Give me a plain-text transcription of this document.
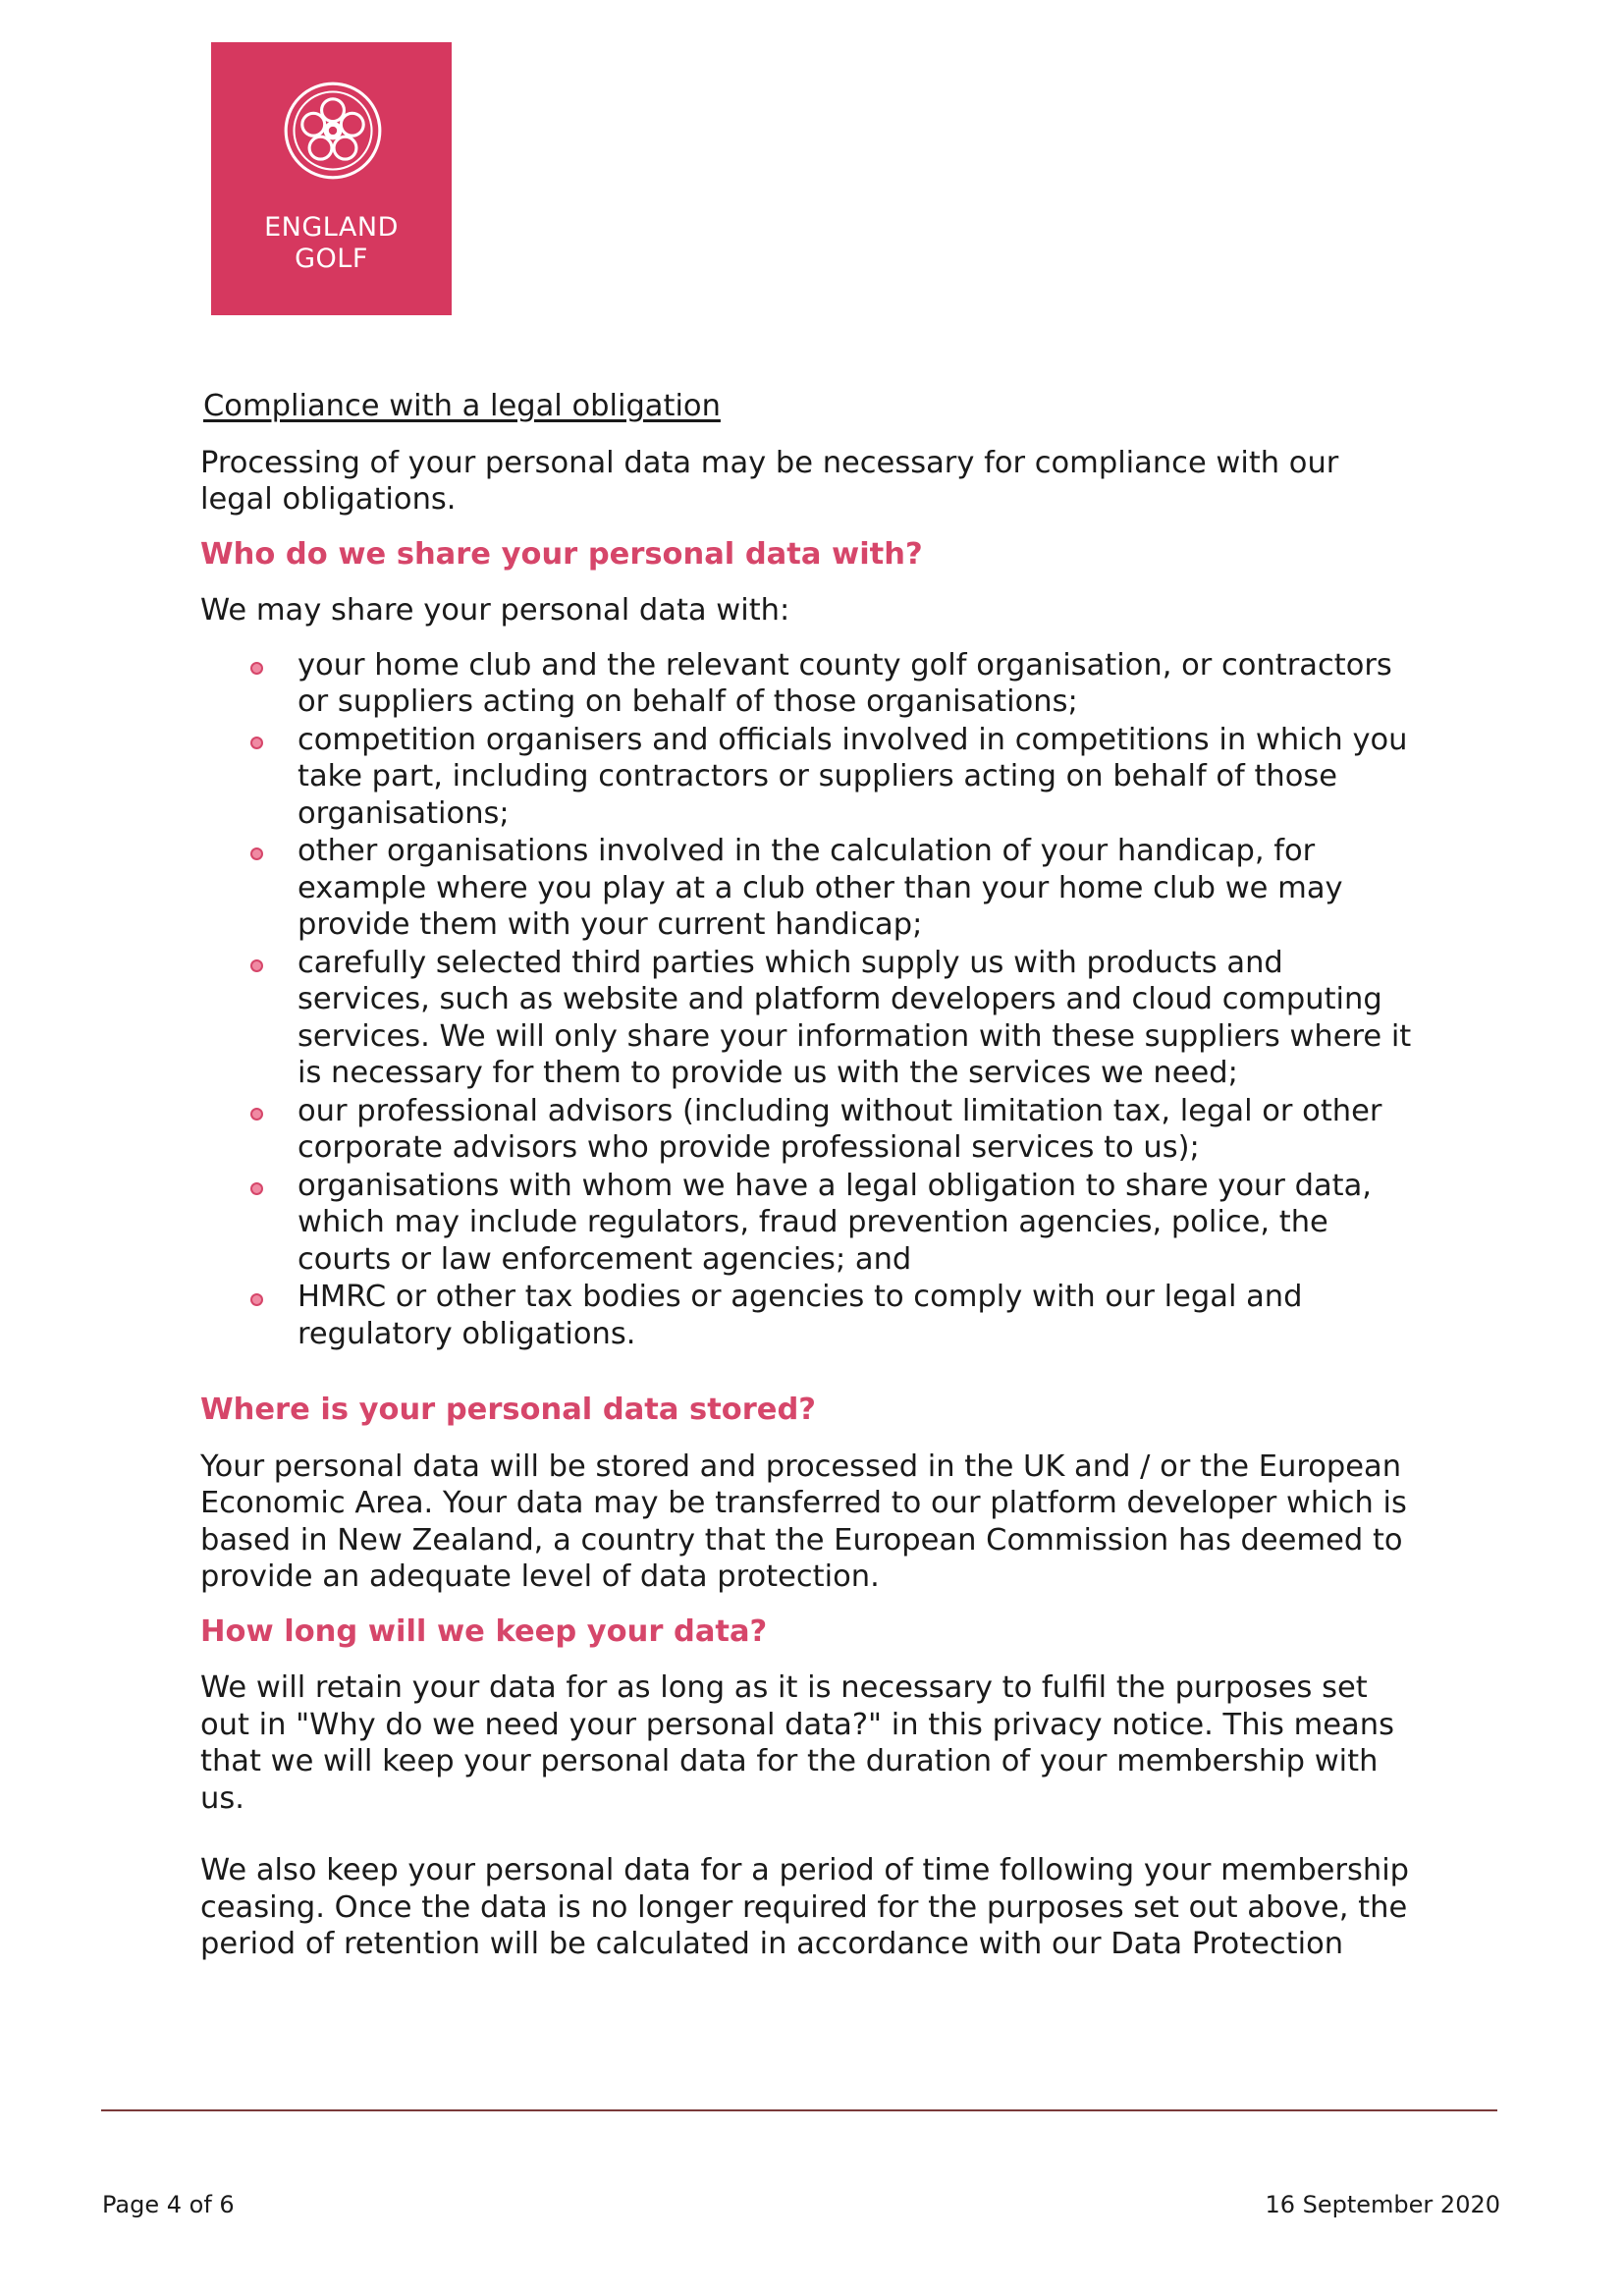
ENGLAND
GOLF
Compliance with a legal obligation

Processing of your personal data may be necessary for compliance with our legal obligations.

Who do we share your personal data with?

We may share your personal data with:

your home club and the relevant county golf organisation, or contractors or suppliers acting on behalf of those organisations;
competition organisers and officials involved in competitions in which you take part, including contractors or suppliers acting on behalf of those organisations;
other organisations involved in the calculation of your handicap, for example where you play at a club other than your home club we may provide them with your current handicap;
carefully selected third parties which supply us with products and services, such as website and platform developers and cloud computing services. We will only share your information with these suppliers where it is necessary for them to provide us with the services we need;
our professional advisors (including without limitation tax, legal or other corporate advisors who provide professional services to us);
organisations with whom we have a legal obligation to share your data, which may include regulators, fraud prevention agencies, police, the courts or law enforcement agencies; and
HMRC or other tax bodies or agencies to comply with our legal and regulatory obligations.
Where is your personal data stored?

Your personal data will be stored and processed in the UK and / or the European Economic Area. Your data may be transferred to our platform developer which is based in New Zealand, a country that the European Commission has deemed to provide an adequate level of data protection.

How long will we keep your data?

We will retain your data for as long as it is necessary to fulfil the purposes set out in "Why do we need your personal data?" in this privacy notice. This means that we will keep your personal data for the duration of your membership with us.

We also keep your personal data for a period of time following your membership ceasing. Once the data is no longer required for the purposes set out above, the period of retention will be calculated in accordance with our Data Protection

Page 4 of 6	16 September 2020
